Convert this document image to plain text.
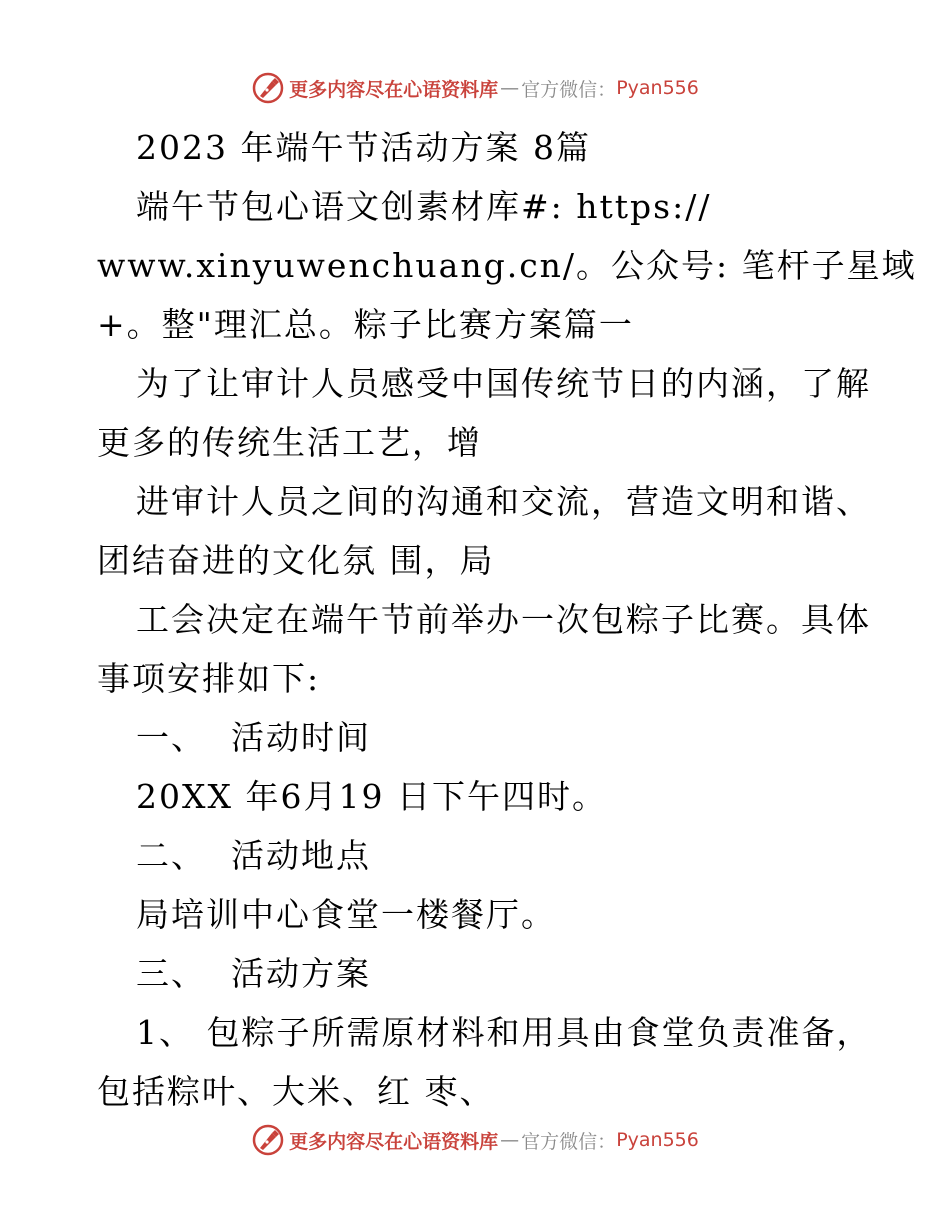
更多内容尽在心语资料库 — 官方微信： Pyan556
2023 年端午节活动方案 8篇
端午节包心语文创素材库#: https://
www.xinyuwenchuang.cn/。公众号: 笔杆子星域
+。整"理汇总。粽子比赛方案篇一
为了让审计人员感受中国传统节日的内涵，了解
更多的传统生活工艺，增
进审计人员之间的沟通和交流，营造文明和谐、
团结奋进的文化氛 围，局
工会决定在端午节前举办一次包粽子比赛。具体
事项安排如下:
一、  活动时间
20XX 年6月19 日下午四时。
二、  活动地点
局培训中心食堂一楼餐厅。
三、  活动方案
1、 包粽子所需原材料和用具由食堂负责准备，
包括粽叶、大米、红 枣、
更多内容尽在心语资料库 — 官方微信： Pyan556
